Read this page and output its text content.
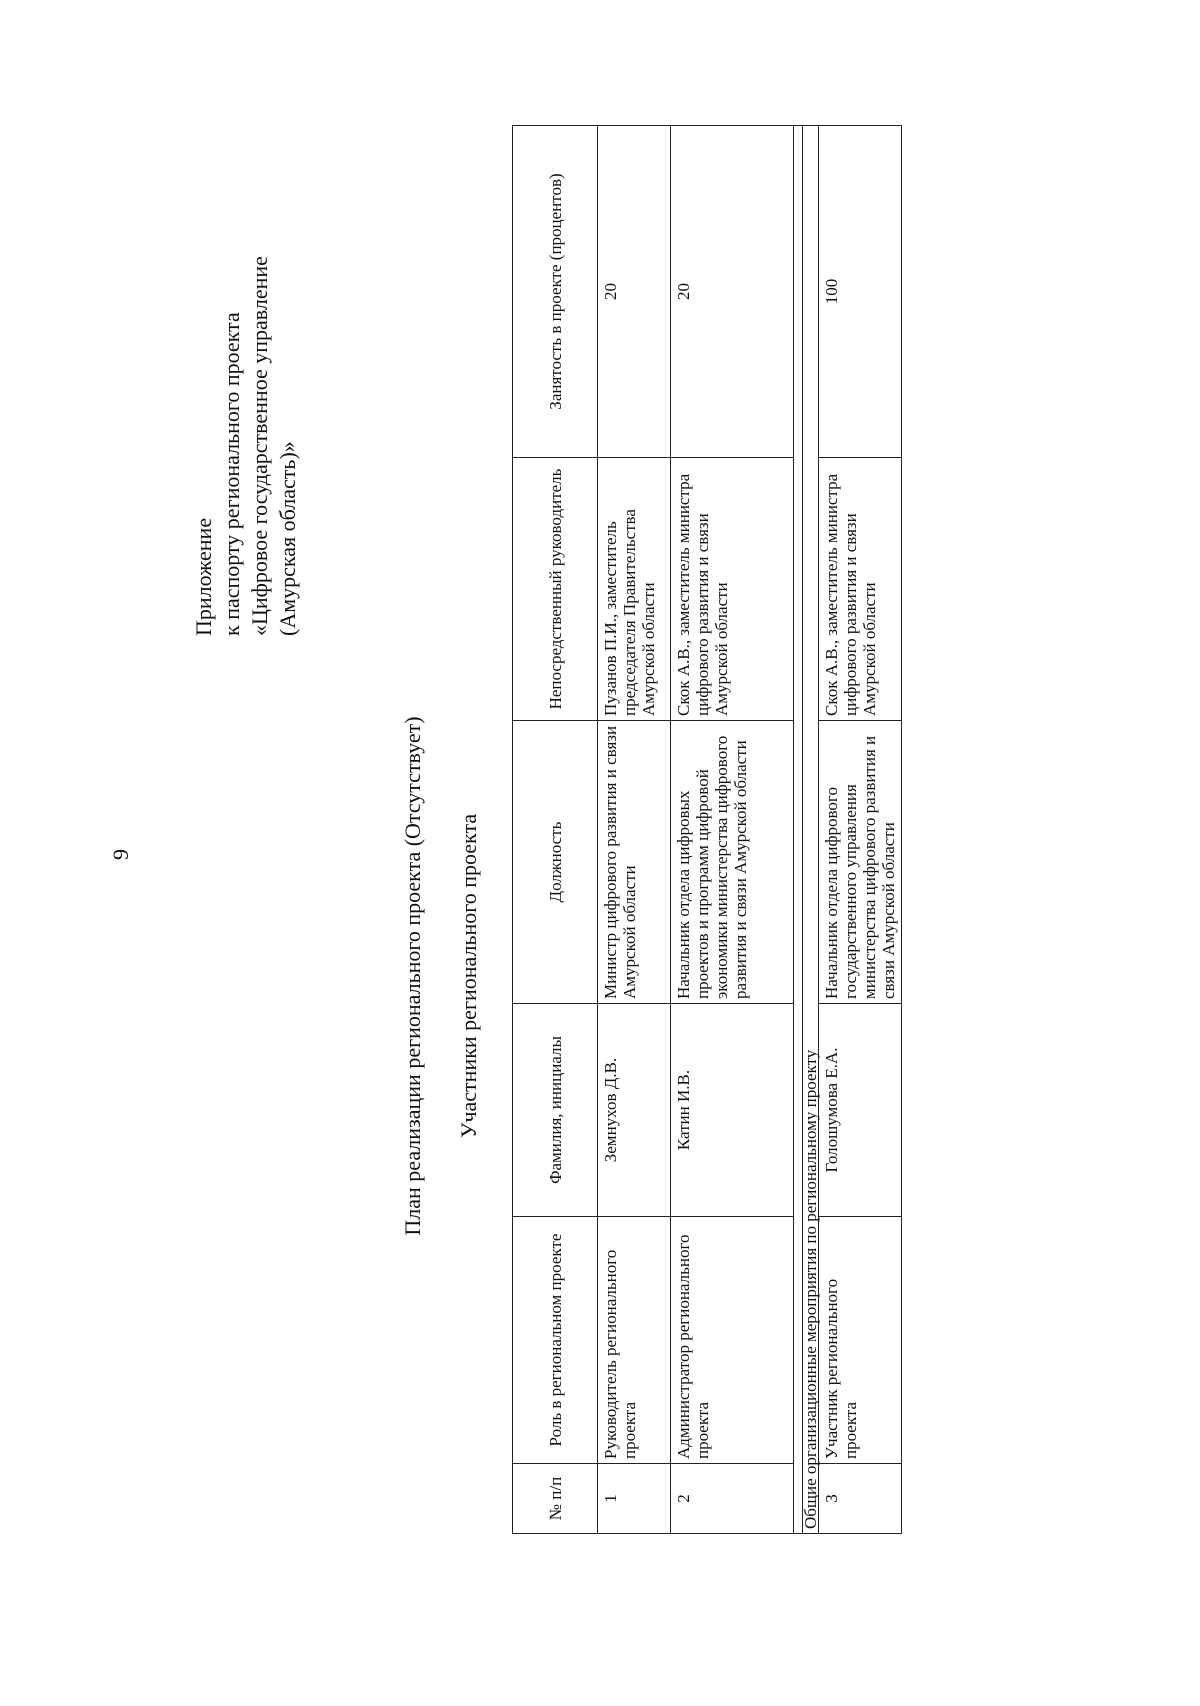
9
Приложение к паспорту регионального проекта «Цифровое государственное управление (Амурская область)»
План реализации регионального проекта (Отсутствует) Участники регионального проекта
№ п/п	Роль в региональном проекте	Фамилия, инициалы	Должность	Непосредственный руководитель	Занятость в проекте (процентов)
1	Руководитель регионального проекта	Земнухов Д.В.	Министр цифрового развития и связи Амурской области	Пузанов П.И., заместитель председателя Правительства Амурской области	20
2	Администратор регионального проекта	Катин И.В.	Начальник отдела цифровых проектов и программ цифровой экономики министерства цифрового развития и связи Амурской области	Скок А.В., заместитель министра цифрового развития и связи Амурской области	20

Общие организационные мероприятия по региональному проекту					
3	Участник регионального проекта	Голошумова Е.А.	Начальник отдела цифрового государственного управления министерства цифрового развития и связи Амурской области	Скок А.В., заместитель министра цифрового развития и связи Амурской области	100
